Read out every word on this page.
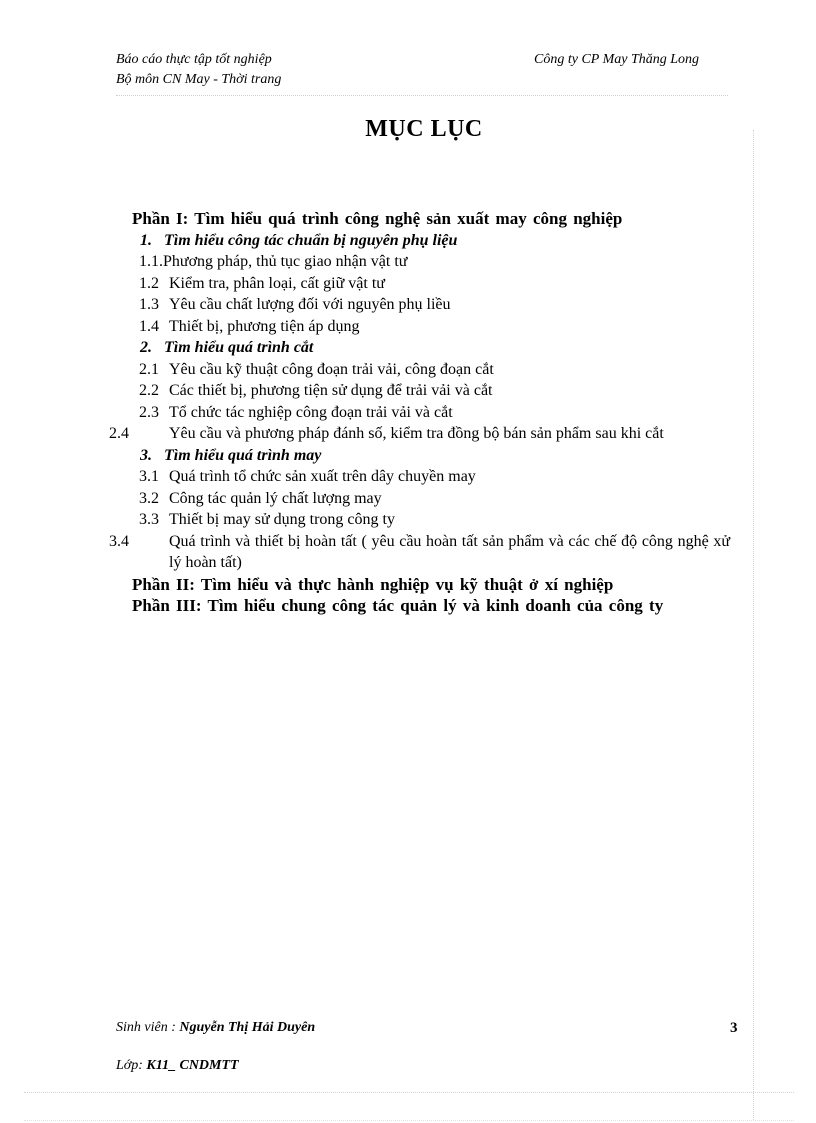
Báo cáo thực tập tốt nghiệp
Bộ môn CN May - Thời trang
Công ty CP May Thăng Long
MỤC LỤC

Phần I: Tìm hiểu quá trình công nghệ sản xuất may công nghiệp

1. Tìm hiểu công tác chuẩn bị nguyên phụ liệu

1.1.Phương pháp, thủ tục giao nhận vật tư

1.2 Kiểm tra, phân loại, cất giữ vật tư

1.3 Yêu cầu chất lượng đối với nguyên phụ liều

1.4 Thiết bị, phương tiện áp dụng

2. Tìm hiểu quá trình cắt

2.1 Yêu cầu kỹ thuật công đoạn trải vải, công đoạn cắt

2.2 Các thiết bị, phương tiện sử dụng để trải vải và cắt

2.3 Tổ chức tác nghiệp công đoạn trải vải và cắt

2.4	Yêu cầu và phương pháp đánh số, kiểm tra đồng bộ bán sản phẩm sau khi cắt

3. Tìm hiểu quá trình may

3.1 Quá trình tổ chức sản xuất trên dây chuyền may

3.2 Công tác quản lý chất lượng may

3.3 Thiết bị may sử dụng trong công ty

3.4	Quá trình và thiết bị hoàn tất ( yêu cầu hoàn tất sản phẩm và các chế độ công nghệ xử lý hoàn tất)

Phần II: Tìm hiểu và thực hành nghiệp vụ kỹ thuật ở xí nghiệp

Phần III: Tìm hiểu chung công tác quản lý và kinh doanh của công ty

Sinh viên : Nguyễn Thị Hải Duyên	3
Lớp: K11_ CNDMTT
